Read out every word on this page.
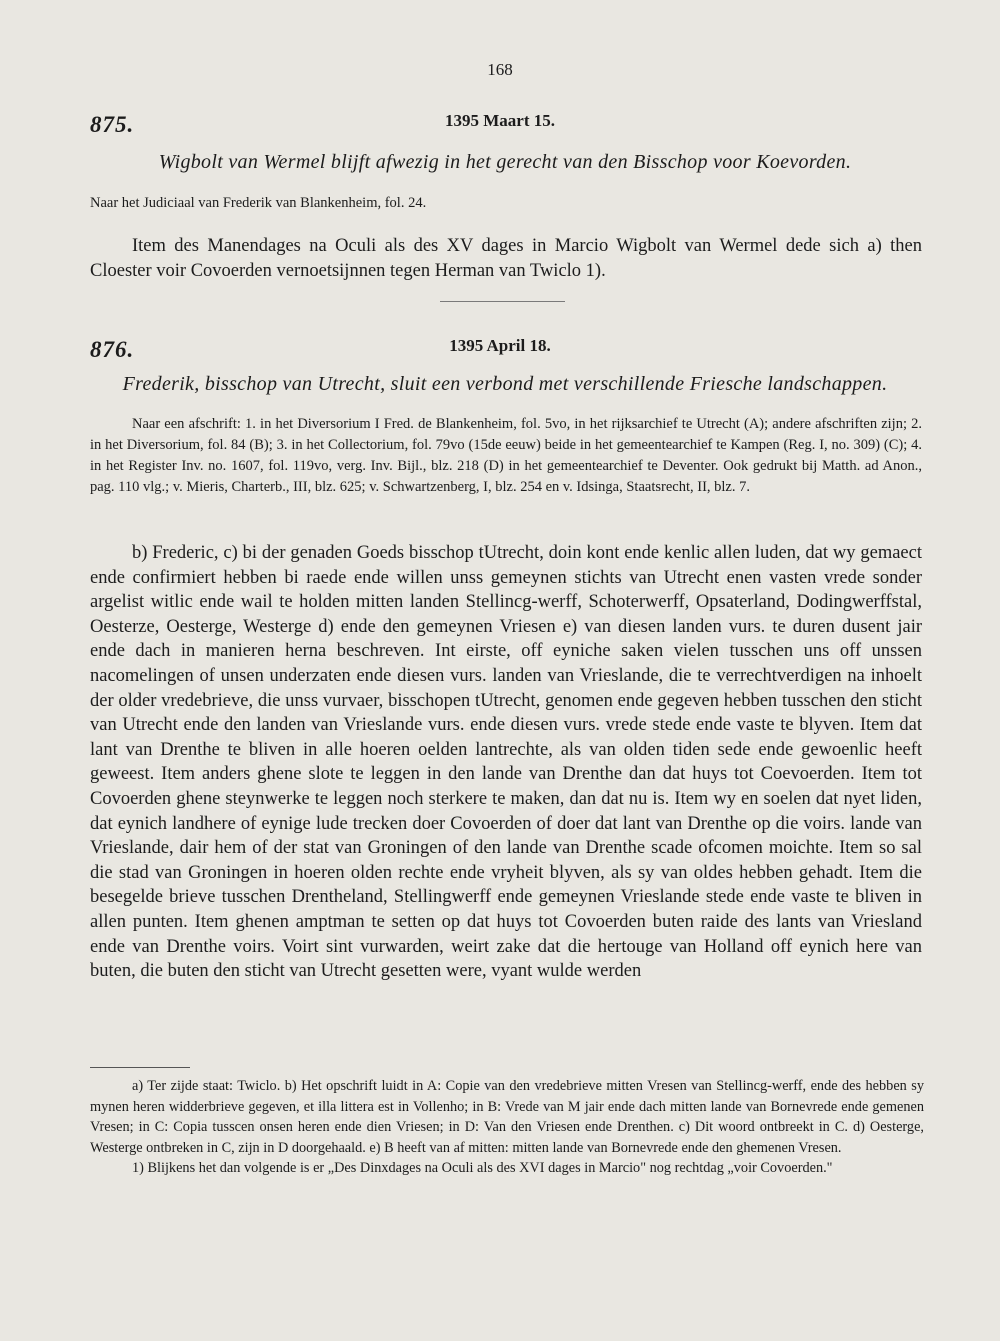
168
875.	1395 Maart 15.
Wigbolt van Wermel blijft afwezig in het gerecht van den Bisschop voor Koevorden.
Naar het Judiciaal van Frederik van Blankenheim, fol. 24.
Item des Manendages na Oculi als des XV dages in Marcio Wigbolt van Wermel dede sich a) then Cloester voir Covoerden vernoetsijnnen tegen Herman van Twiclo 1).
876.	1395 April 18.
Frederik, bisschop van Utrecht, sluit een verbond met verschillende Friesche landschappen.
Naar een afschrift: 1. in het Diversorium I Fred. de Blankenheim, fol. 5vo, in het rijksarchief te Utrecht (A); andere afschriften zijn; 2. in het Diversorium, fol. 84 (B); 3. in het Collectorium, fol. 79vo (15de eeuw) beide in het gemeentearchief te Kampen (Reg. I, no. 309) (C); 4. in het Register Inv. no. 1607, fol. 119vo, verg. Inv. Bijl., blz. 218 (D) in het gemeentearchief te Deventer. Ook gedrukt bij Matth. ad Anon., pag. 110 vlg.; v. Mieris, Charterb., III, blz. 625; v. Schwartzenberg, I, blz. 254 en v. Idsinga, Staatsrecht, II, blz. 7.
b) Frederic, c) bi der genaden Goeds bisschop tUtrecht, doin kont ende kenlic allen luden, dat wy gemaect ende confirmiert hebben bi raede ende willen unss gemeynen stichts van Utrecht enen vasten vrede sonder argelist witlic ende wail te holden mitten landen Stellincg-werff, Schoterwerff, Opsaterland, Dodingwerffstal, Oesterze, Oesterge, Westerge d) ende den gemeynen Vriesen e) van diesen landen vurs. te duren dusent jair ende dach in manieren herna beschreven. Int eirste, off eyniche saken vielen tusschen uns off unssen nacomelingen of unsen underzaten ende diesen vurs. landen van Vrieslande, die te verrechtverdigen na inhoelt der older vredebrieve, die unss vurvaer, bisschopen tUtrecht, genomen ende gegeven hebben tusschen den sticht van Utrecht ende den landen van Vrieslande vurs. ende diesen vurs. vrede stede ende vaste te blyven. Item dat lant van Drenthe te bliven in alle hoeren oelden lantrechte, als van olden tiden sede ende gewoenlic heeft geweest. Item anders ghene slote te leggen in den lande van Drenthe dan dat huys tot Coevoerden. Item tot Covoerden ghene steynwerke te leggen noch sterkere te maken, dan dat nu is. Item wy en soelen dat nyet liden, dat eynich landhere of eynige lude trecken doer Covoerden of doer dat lant van Drenthe op die voirs. lande van Vrieslande, dair hem of der stat van Groningen of den lande van Drenthe scade ofcomen moichte. Item so sal die stad van Groningen in hoeren olden rechte ende vryheit blyven, als sy van oldes hebben gehadt. Item die besegelde brieve tusschen Drentheland, Stellingwerff ende gemeynen Vrieslande stede ende vaste te bliven in allen punten. Item ghenen amptman te setten op dat huys tot Covoerden buten raide des lants van Vriesland ende van Drenthe voirs. Voirt sint vurwarden, weirt zake dat die hertouge van Holland off eynich here van buten, die buten den sticht van Utrecht gesetten were, vyant wulde werden

a) Ter zijde staat: Twiclo. b) Het opschrift luidt in A: Copie van den vredebrieve mitten Vresen van Stellincg-werff, ende des hebben sy mynen heren widderbrieve gegeven, et illa littera est in Vollenho; in B: Vrede van M jair ende dach mitten lande van Bornevrede ende gemenen Vresen; in C: Copia tusscen onsen heren ende dien Vriesen; in D: Van den Vriesen ende Drenthen. c) Dit woord ontbreekt in C. d) Oesterge, Westerge ontbreken in C, zijn in D doorgehaald. e) B heeft van af mitten: mitten lande van Bornevrede ende den ghemenen Vresen.

1) Blijkens het dan volgende is er „Des Dinxdages na Oculi als des XVI dages in Marcio" nog rechtdag „voir Covoerden."
